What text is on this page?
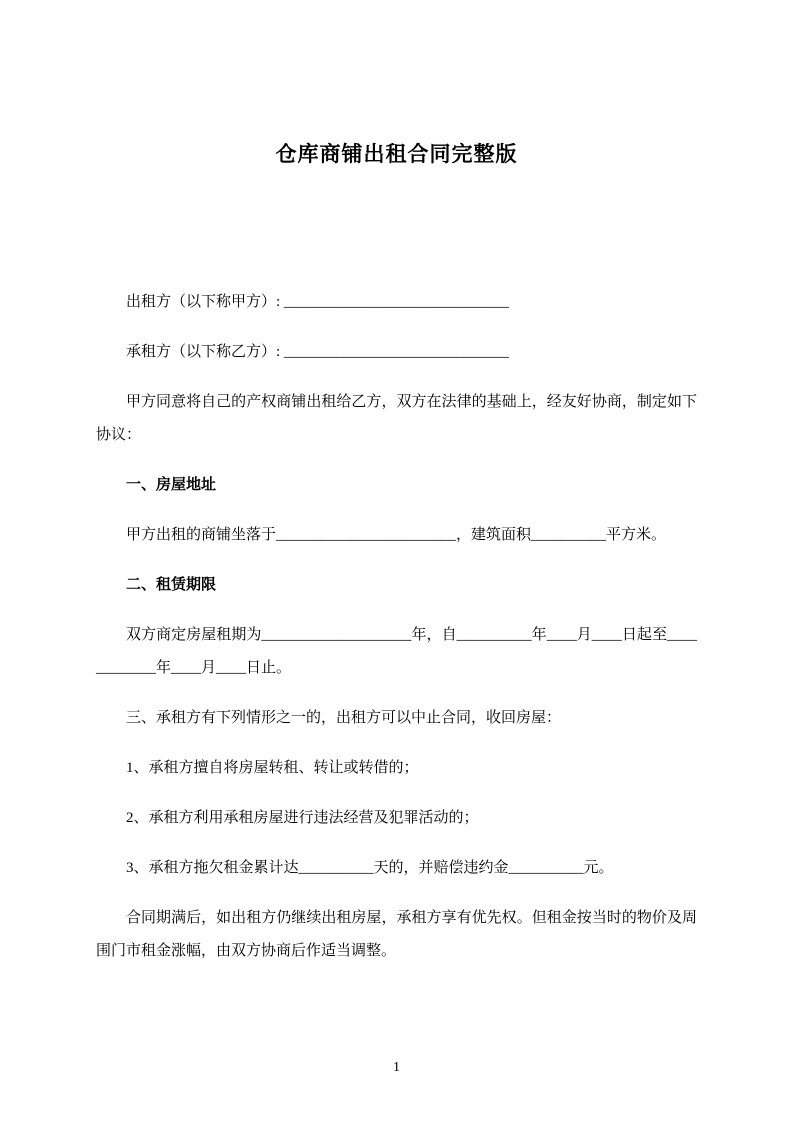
仓库商铺出租合同完整版

出租方（以下称甲方）: ______________________________

承租方（以下称乙方）: ______________________________

甲方同意将自己的产权商铺出租给乙方，双方在法律的基础上，经友好协商，制定如下协议：

一、房屋地址

甲方出租的商铺坐落于________________________，建筑面积__________平方米。

二、租赁期限

双方商定房屋租期为____________________年，自__________年____月____日起至____________年____月____日止。

三、承租方有下列情形之一的，出租方可以中止合同，收回房屋：

1、承租方擅自将房屋转租、转让或转借的；

2、承租方利用承租房屋进行违法经营及犯罪活动的；

3、承租方拖欠租金累计达__________天的，并赔偿违约金__________元。

合同期满后，如出租方仍继续出租房屋，承租方享有优先权。但租金按当时的物价及周围门市租金涨幅，由双方协商后作适当调整。

1
